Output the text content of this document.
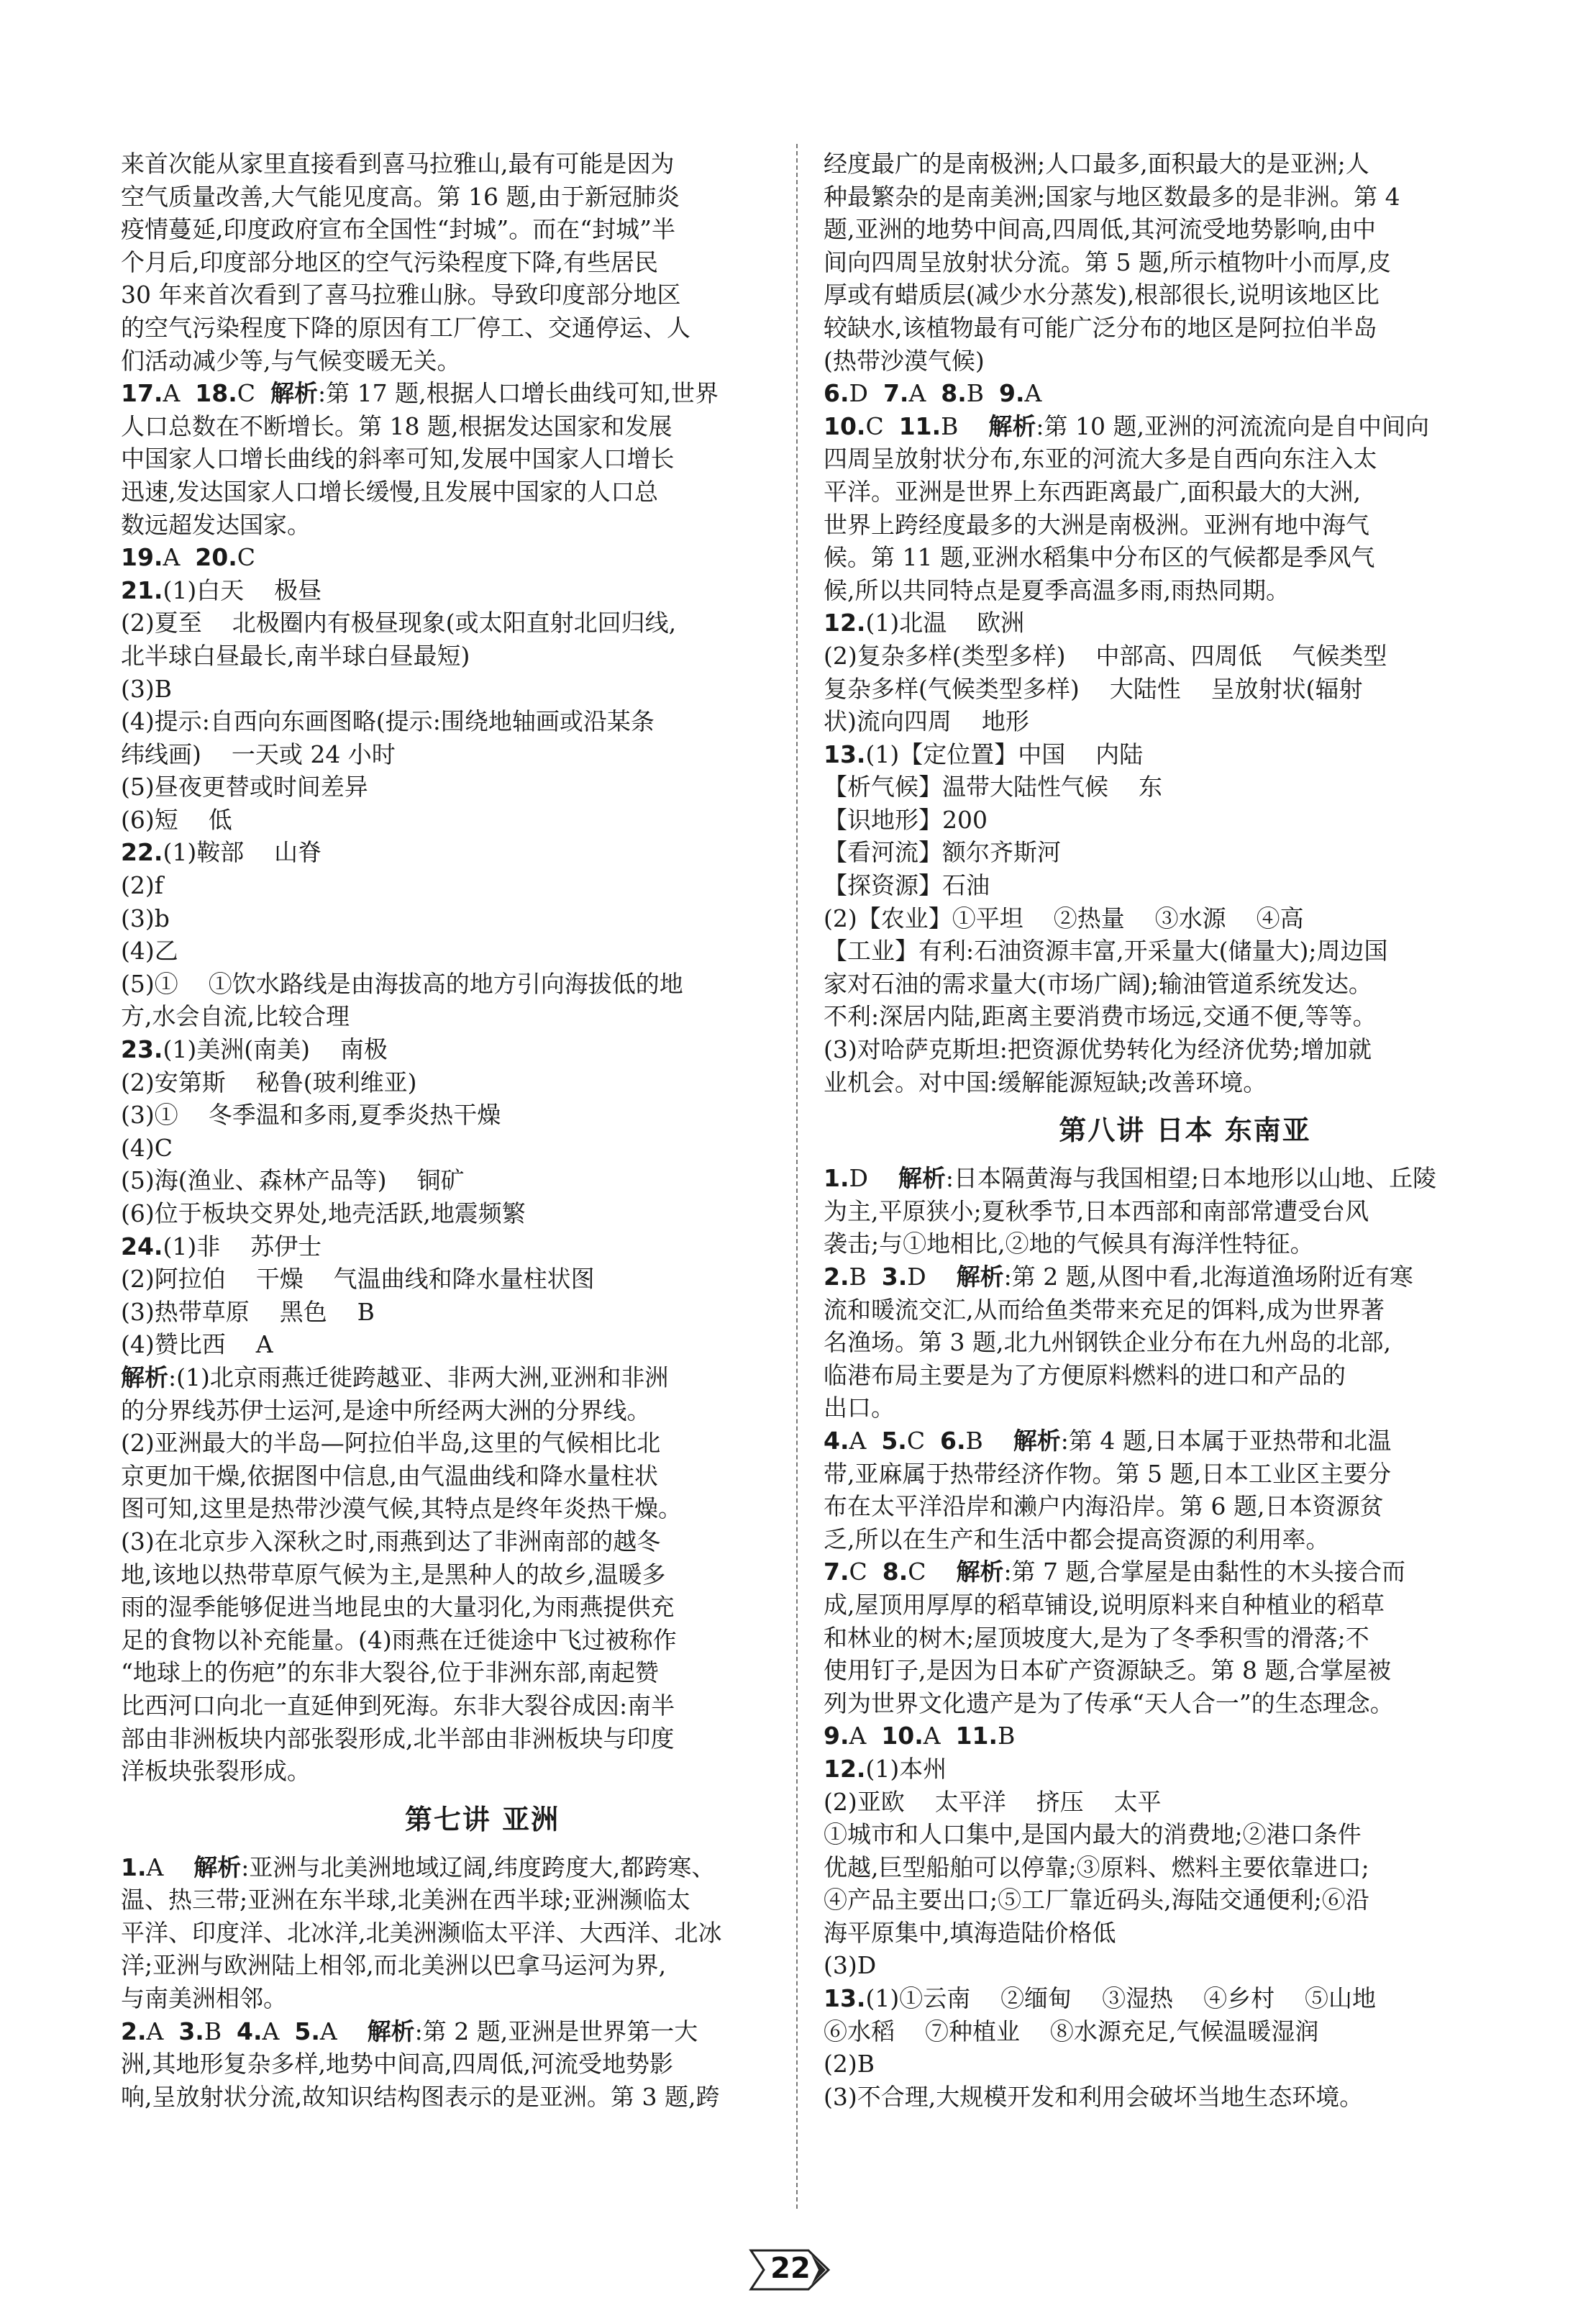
来首次能从家里直接看到喜马拉雅山,最有可能是因为
空气质量改善,大气能见度高。第 16 题,由于新冠肺炎
疫情蔓延,印度政府宣布全国性“封城”。而在“封城”半
个月后,印度部分地区的空气污染程度下降,有些居民
30 年来首次看到了喜马拉雅山脉。导致印度部分地区
的空气污染程度下降的原因有工厂停工、交通停运、人
们活动减少等,与气候变暖无关。
17.A  18.C  解析:第 17 题,根据人口增长曲线可知,世界
人口总数在不断增长。第 18 题,根据发达国家和发展
中国家人口增长曲线的斜率可知,发展中国家人口增长
迅速,发达国家人口增长缓慢,且发展中国家的人口总
数远超发达国家。
19.A  20.C
21.(1)白天    极昼
(2)夏至    北极圈内有极昼现象(或太阳直射北回归线,
北半球白昼最长,南半球白昼最短)
(3)B
(4)提示:自西向东画图略(提示:围绕地轴画或沿某条
纬线画)    一天或 24 小时
(5)昼夜更替或时间差异
(6)短    低
22.(1)鞍部    山脊
(2)f
(3)b
(4)乙
(5)①    ①饮水路线是由海拔高的地方引向海拔低的地
方,水会自流,比较合理
23.(1)美洲(南美)    南极
(2)安第斯    秘鲁(玻利维亚)
(3)①    冬季温和多雨,夏季炎热干燥
(4)C
(5)海(渔业、森林产品等)    铜矿
(6)位于板块交界处,地壳活跃,地震频繁
24.(1)非    苏伊士
(2)阿拉伯    干燥    气温曲线和降水量柱状图
(3)热带草原    黑色    B
(4)赞比西    A
解析:(1)北京雨燕迁徙跨越亚、非两大洲,亚洲和非洲
的分界线苏伊士运河,是途中所经两大洲的分界线。
(2)亚洲最大的半岛—阿拉伯半岛,这里的气候相比北
京更加干燥,依据图中信息,由气温曲线和降水量柱状
图可知,这里是热带沙漠气候,其特点是终年炎热干燥。
(3)在北京步入深秋之时,雨燕到达了非洲南部的越冬
地,该地以热带草原气候为主,是黑种人的故乡,温暖多
雨的湿季能够促进当地昆虫的大量羽化,为雨燕提供充
足的食物以补充能量。(4)雨燕在迁徙途中飞过被称作
“地球上的伤疤”的东非大裂谷,位于非洲东部,南起赞
比西河口向北一直延伸到死海。东非大裂谷成因:南半
部由非洲板块内部张裂形成,北半部由非洲板块与印度
洋板块张裂形成。
第七讲 亚洲
1.A    解析:亚洲与北美洲地域辽阔,纬度跨度大,都跨寒、
温、热三带;亚洲在东半球,北美洲在西半球;亚洲濒临太
平洋、印度洋、北冰洋,北美洲濒临太平洋、大西洋、北冰
洋;亚洲与欧洲陆上相邻,而北美洲以巴拿马运河为界,
与南美洲相邻。
2.A  3.B  4.A  5.A    解析:第 2 题,亚洲是世界第一大
洲,其地形复杂多样,地势中间高,四周低,河流受地势影
响,呈放射状分流,故知识结构图表示的是亚洲。第 3 题,跨
经度最广的是南极洲;人口最多,面积最大的是亚洲;人
种最繁杂的是南美洲;国家与地区数最多的是非洲。第 4
题,亚洲的地势中间高,四周低,其河流受地势影响,由中
间向四周呈放射状分流。第 5 题,所示植物叶小而厚,皮
厚或有蜡质层(减少水分蒸发),根部很长,说明该地区比
较缺水,该植物最有可能广泛分布的地区是阿拉伯半岛
(热带沙漠气候)
6.D  7.A  8.B  9.A
10.C  11.B    解析:第 10 题,亚洲的河流流向是自中间向
四周呈放射状分布,东亚的河流大多是自西向东注入太
平洋。亚洲是世界上东西距离最广,面积最大的大洲,
世界上跨经度最多的大洲是南极洲。亚洲有地中海气
候。第 11 题,亚洲水稻集中分布区的气候都是季风气
候,所以共同特点是夏季高温多雨,雨热同期。
12.(1)北温    欧洲
(2)复杂多样(类型多样)    中部高、四周低    气候类型
复杂多样(气候类型多样)    大陆性    呈放射状(辐射
状)流向四周    地形
13.(1)【定位置】中国    内陆
【析气候】温带大陆性气候    东
【识地形】200
【看河流】额尔齐斯河
【探资源】石油
(2)【农业】①平坦    ②热量    ③水源    ④高
【工业】有利:石油资源丰富,开采量大(储量大);周边国
家对石油的需求量大(市场广阔);输油管道系统发达。
不利:深居内陆,距离主要消费市场远,交通不便,等等。
(3)对哈萨克斯坦:把资源优势转化为经济优势;增加就
业机会。对中国:缓解能源短缺;改善环境。
第八讲 日本 东南亚
1.D    解析:日本隔黄海与我国相望;日本地形以山地、丘陵
为主,平原狭小;夏秋季节,日本西部和南部常遭受台风
袭击;与①地相比,②地的气候具有海洋性特征。
2.B  3.D    解析:第 2 题,从图中看,北海道渔场附近有寒
流和暖流交汇,从而给鱼类带来充足的饵料,成为世界著
名渔场。第 3 题,北九州钢铁企业分布在九州岛的北部,
临港布局主要是为了方便原料燃料的进口和产品的
出口。
4.A  5.C  6.B    解析:第 4 题,日本属于亚热带和北温
带,亚麻属于热带经济作物。第 5 题,日本工业区主要分
布在太平洋沿岸和濑户内海沿岸。第 6 题,日本资源贫
乏,所以在生产和生活中都会提高资源的利用率。
7.C  8.C    解析:第 7 题,合掌屋是由黏性的木头接合而
成,屋顶用厚厚的稻草铺设,说明原料来自种植业的稻草
和林业的树木;屋顶坡度大,是为了冬季积雪的滑落;不
使用钉子,是因为日本矿产资源缺乏。第 8 题,合掌屋被
列为世界文化遗产是为了传承“天人合一”的生态理念。
9.A  10.A  11.B
12.(1)本州
(2)亚欧    太平洋    挤压    太平
①城市和人口集中,是国内最大的消费地;②港口条件
优越,巨型船舶可以停靠;③原料、燃料主要依靠进口;
④产品主要出口;⑤工厂靠近码头,海陆交通便利;⑥沿
海平原集中,填海造陆价格低
(3)D
13.(1)①云南    ②缅甸    ③湿热    ④乡村    ⑤山地
⑥水稻    ⑦种植业    ⑧水源充足,气候温暖湿润
(2)B
(3)不合理,大规模开发和利用会破坏当地生态环境。
22
